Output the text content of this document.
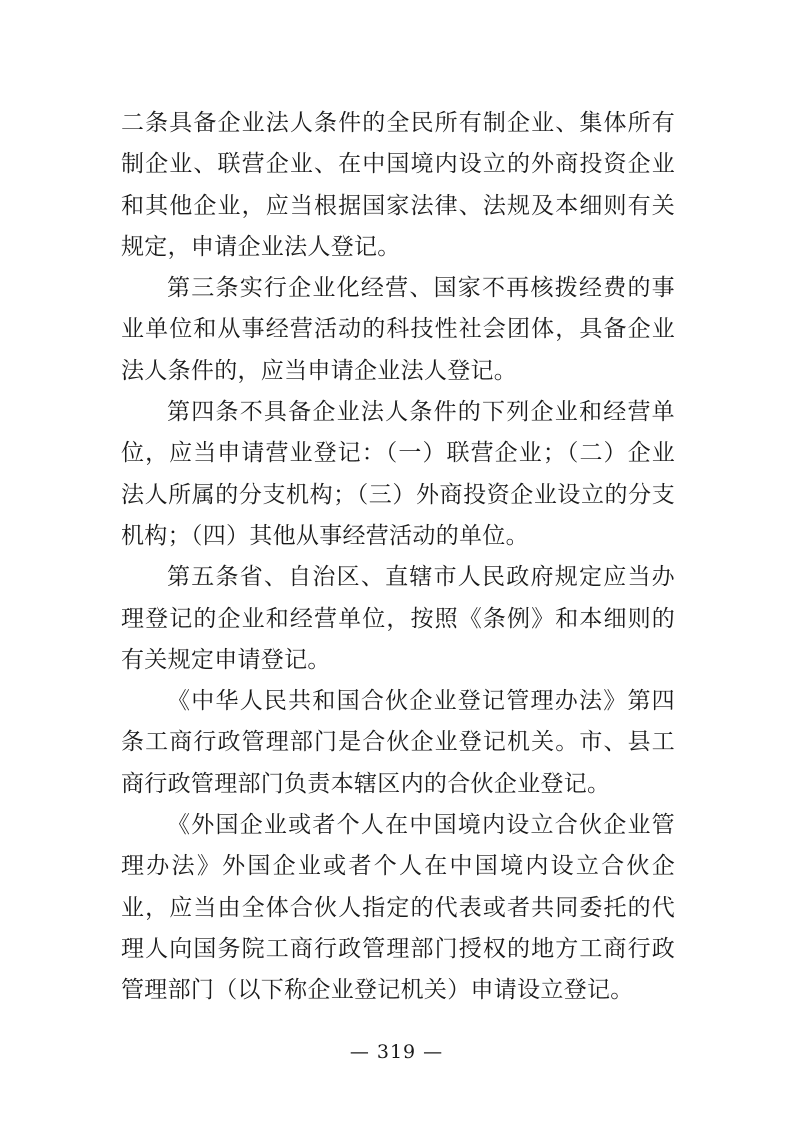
二条具备企业法人条件的全民所有制企业、集体所有制企业、联营企业、在中国境内设立的外商投资企业和其他企业，应当根据国家法律、法规及本细则有关规定，申请企业法人登记。

第三条实行企业化经营、国家不再核拨经费的事业单位和从事经营活动的科技性社会团体，具备企业法人条件的，应当申请企业法人登记。

第四条不具备企业法人条件的下列企业和经营单位，应当申请营业登记：（一）联营企业；（二）企业法人所属的分支机构；（三）外商投资企业设立的分支机构；（四）其他从事经营活动的单位。

第五条省、自治区、直辖市人民政府规定应当办理登记的企业和经营单位，按照《条例》和本细则的有关规定申请登记。

《中华人民共和国合伙企业登记管理办法》第四条工商行政管理部门是合伙企业登记机关。市、县工商行政管理部门负责本辖区内的合伙企业登记。

《外国企业或者个人在中国境内设立合伙企业管理办法》外国企业或者个人在中国境内设立合伙企业，应当由全体合伙人指定的代表或者共同委托的代理人向国务院工商行政管理部门授权的地方工商行政管理部门（以下称企业登记机关）申请设立登记。

— 319 —
